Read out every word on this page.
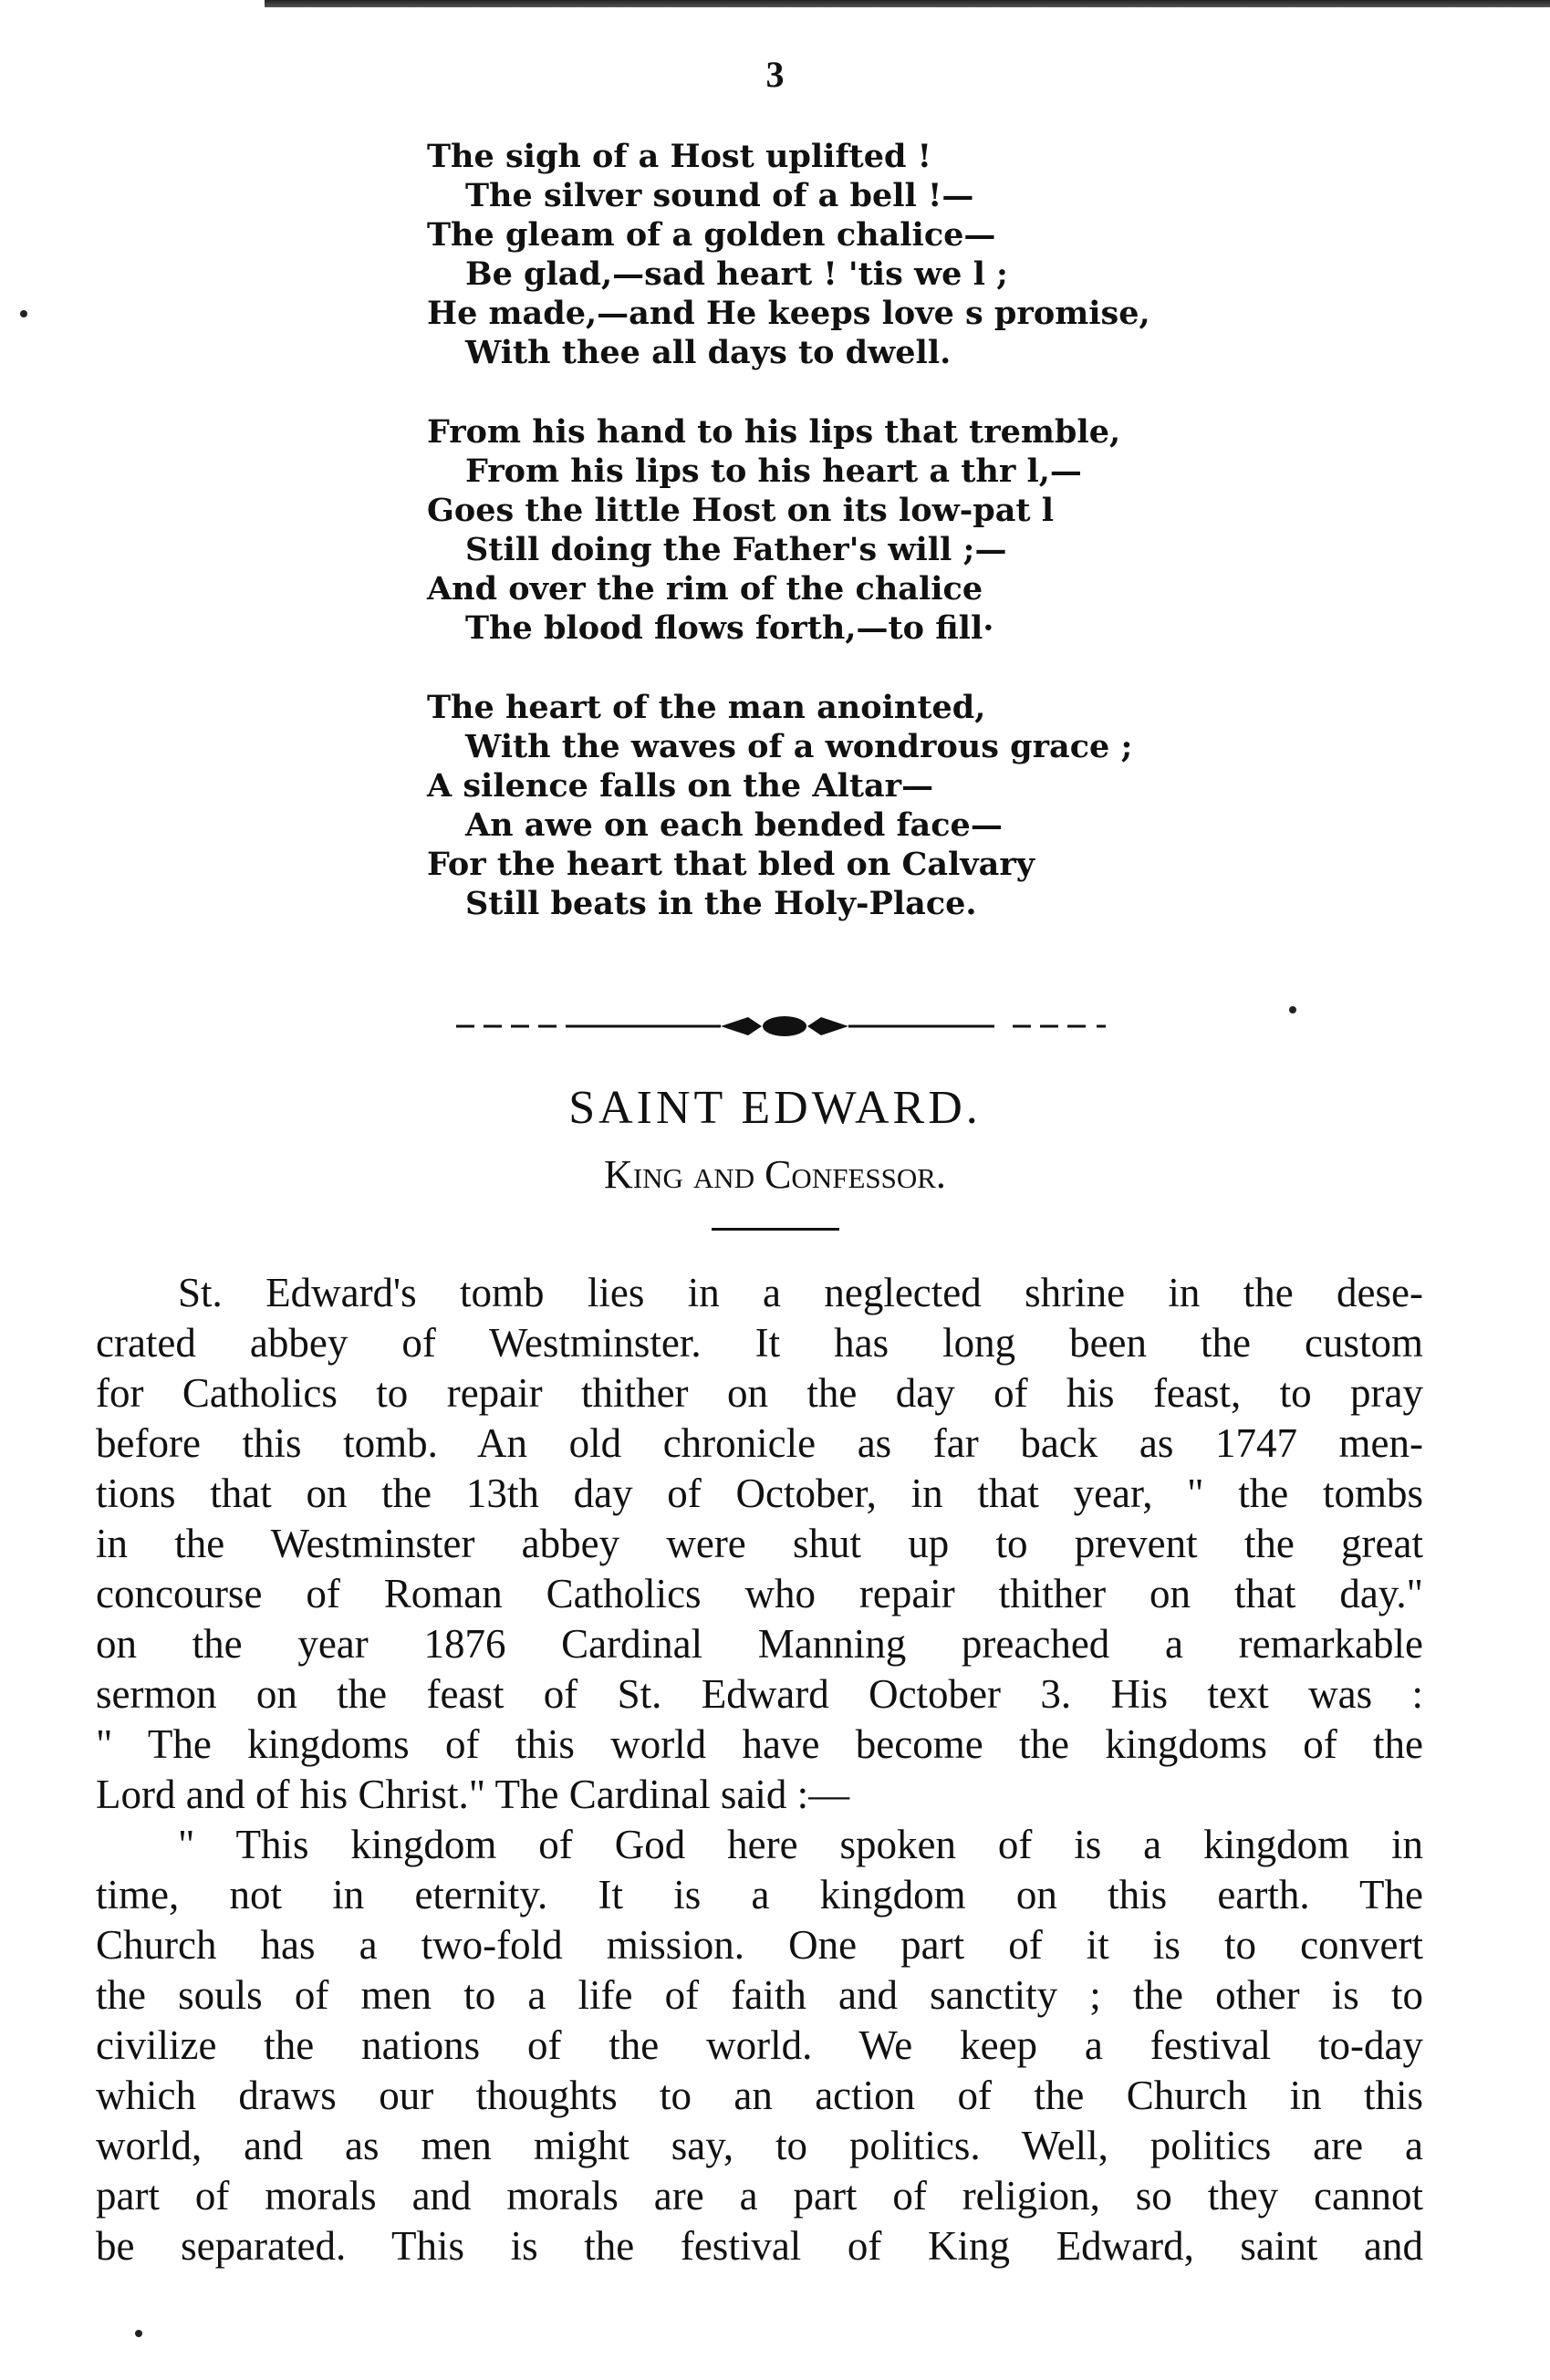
3
The sigh of a Host uplifted !
The silver sound of a bell !—
The gleam of a golden chalice—
Be glad,—sad heart ! 'tis we l ;
He made,—and He keeps love s promise,
With thee all days to dwell.
From his hand to his lips that tremble,
From his lips to his heart a thr l,—
Goes the little Host on its low-pat l
Still doing the Father's will ;—
And over the rim of the chalice
The blood flows forth,—to fill·
The heart of the man anointed,
With the waves of a wondrous grace ;
A silence falls on the Altar—
An awe on each bended face—
For the heart that bled on Calvary
Still beats in the Holy-Place.
SAINT EDWARD.
King and Confessor.
St. Edward's tomb lies in a neglected shrine in the dese-
crated abbey of Westminster. It has long been the custom
for Catholics to repair thither on the day of his feast, to pray
before this tomb. An old chronicle as far back as 1747 men-
tions that on the 13th day of October, in that year, " the tombs
in the Westminster abbey were shut up to prevent the great
concourse of Roman Catholics who repair thither on that day."
on the year 1876 Cardinal Manning preached a remarkable
sermon on the feast of St. Edward October 3. His text was :
" The kingdoms of this world have become the kingdoms of the
Lord and of his Christ." The Cardinal said :—
" This kingdom of God here spoken of is a kingdom in
time, not in eternity. It is a kingdom on this earth. The
Church has a two-fold mission. One part of it is to convert
the souls of men to a life of faith and sanctity ; the other is to
civilize the nations of the world. We keep a festival to-day
which draws our thoughts to an action of the Church in this
world, and as men might say, to politics. Well, politics are a
part of morals and morals are a part of religion, so they cannot
be separated. This is the festival of King Edward, saint and
